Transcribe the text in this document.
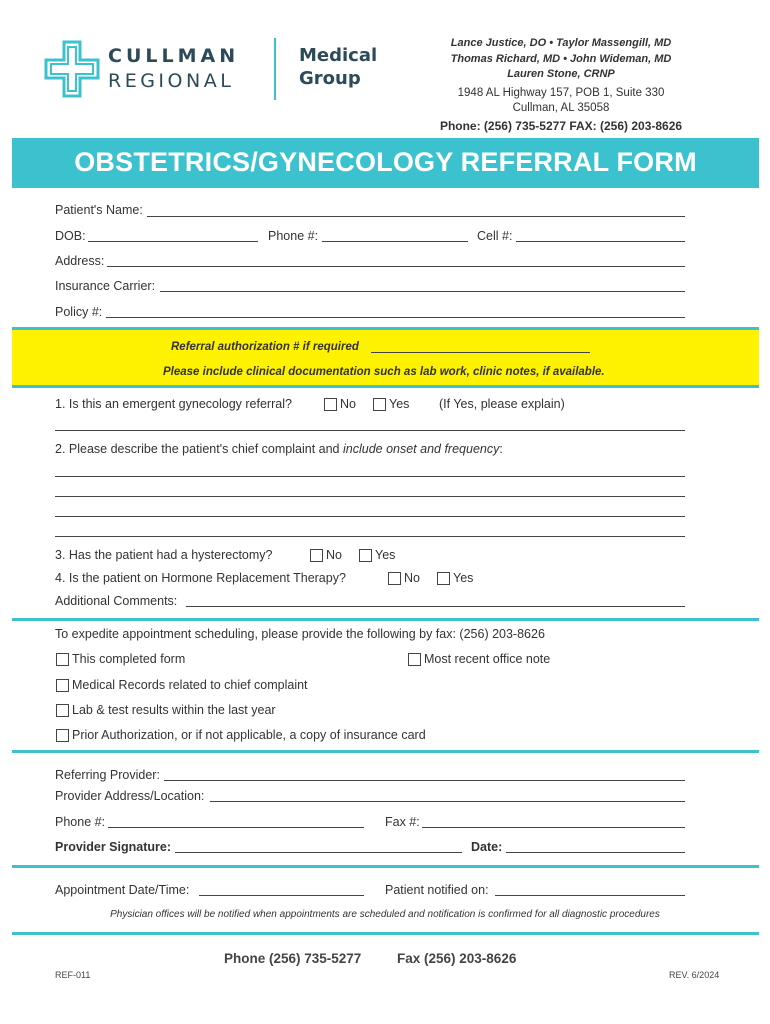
CULLMAN
REGIONAL
Medical
Group
Lance Justice, DO • Taylor Massengill, MD
Thomas Richard, MD • John Wideman, MD
Lauren Stone, CRNP
1948 AL Highway 157, POB 1, Suite 330
Cullman, AL 35058
Phone: (256) 735-5277 FAX: (256) 203-8626
OBSTETRICS/GYNECOLOGY REFERRAL FORM
Patient's Name:
DOB:	Phone #:	Cell #:
Address:
Insurance Carrier:
Policy #:
Referral authorization # if required
Please include clinical documentation such as lab work, clinic notes, if available.
1. Is this an emergent gynecology referral?	No	Yes (If Yes, please explain)
2. Please describe the patient's chief complaint and include onset and frequency:
3. Has the patient had a hysterectomy?	No	Yes
4. Is the patient on Hormone Replacement Therapy?	No	Yes
Additional Comments:
To expedite appointment scheduling, please provide the following by fax: (256) 203-8626
This completed form	Most recent office note
Medical Records related to chief complaint
Lab & test results within the last year
Prior Authorization, or if not applicable, a copy of insurance card
Referring Provider:
Provider Address/Location:
Phone #:	Fax #:
Provider Signature:	Date:
Appointment Date/Time:	Patient notified on:
Physician offices will be notified when appointments are scheduled and notification is confirmed for all diagnostic procedures
Phone (256) 735-5277	Fax (256) 203-8626
REF-011	REV. 6/2024
